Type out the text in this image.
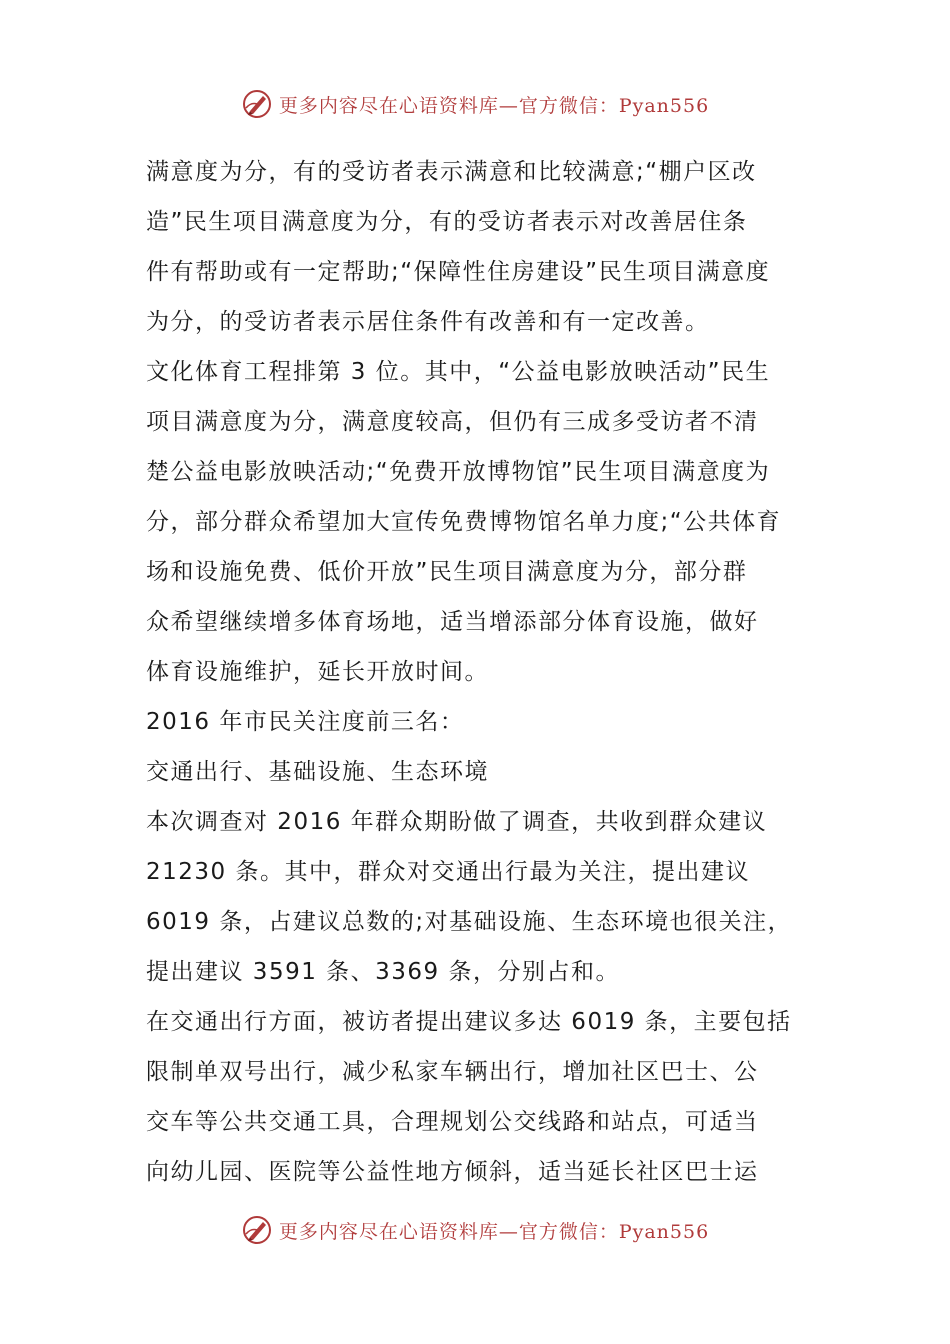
更多内容尽在心语资料库—官方微信：Pyan556
满意度为分，有的受访者表示满意和比较满意;“棚户区改
造”民生项目满意度为分，有的受访者表示对改善居住条
件有帮助或有一定帮助;“保障性住房建设”民生项目满意度
为分，的受访者表示居住条件有改善和有一定改善。
文化体育工程排第 3 位。其中，“公益电影放映活动”民生
项目满意度为分，满意度较高，但仍有三成多受访者不清
楚公益电影放映活动;“免费开放博物馆”民生项目满意度为
分，部分群众希望加大宣传免费博物馆名单力度;“公共体育
场和设施免费、低价开放”民生项目满意度为分，部分群
众希望继续增多体育场地，适当增添部分体育设施，做好
体育设施维护，延长开放时间。
2016 年市民关注度前三名：
交通出行、基础设施、生态环境
本次调查对 2016 年群众期盼做了调查，共收到群众建议
21230 条。其中，群众对交通出行最为关注，提出建议
6019 条，占建议总数的;对基础设施、生态环境也很关注，
提出建议 3591 条、3369 条，分别占和。
在交通出行方面，被访者提出建议多达 6019 条，主要包括
限制单双号出行，减少私家车辆出行，增加社区巴士、公
交车等公共交通工具，合理规划公交线路和站点，可适当
向幼儿园、医院等公益性地方倾斜，适当延长社区巴士运
更多内容尽在心语资料库—官方微信：Pyan556
